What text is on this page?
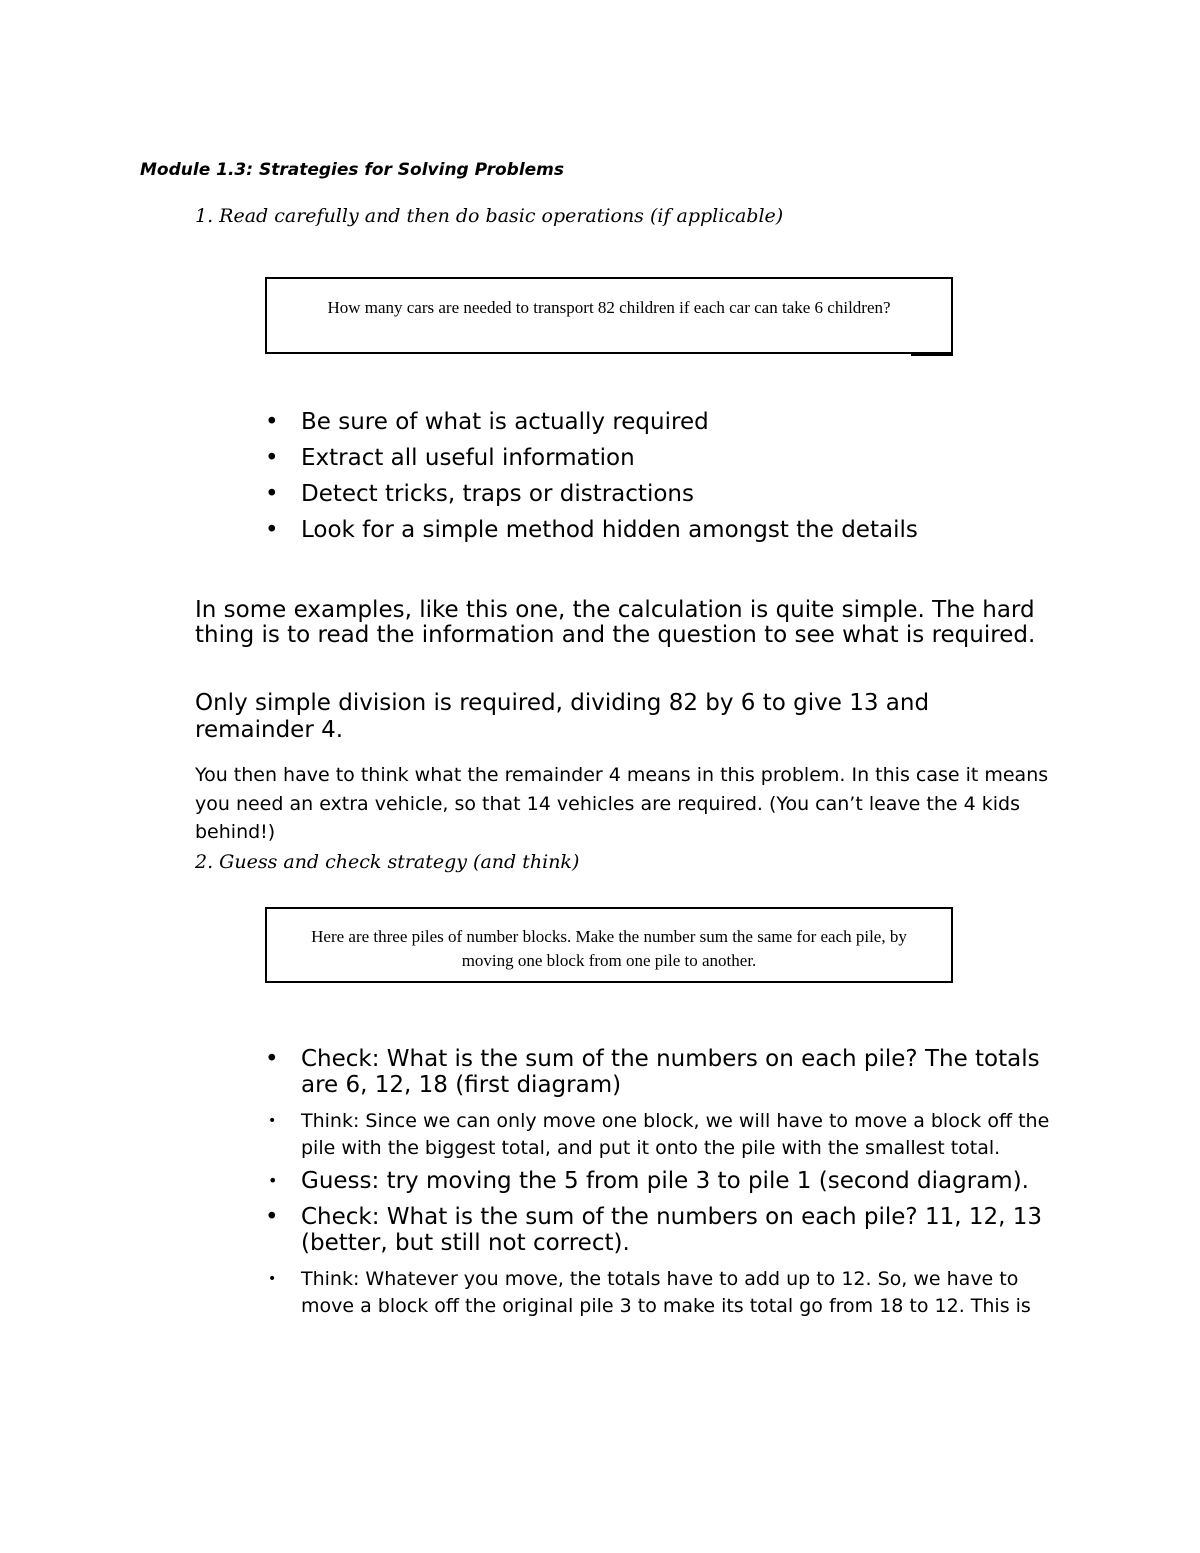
Module 1.3: Strategies for Solving Problems
1. Read carefully and then do basic operations (if applicable)
How many cars are needed to transport 82 children if each car can take 6 children?
• Be sure of what is actually required
• Extract all useful information
• Detect tricks, traps or distractions
• Look for a simple method hidden amongst the details
In some examples, like this one, the calculation is quite simple. The hard thing is to read the information and the question to see what is required.
Only simple division is required, dividing 82 by 6 to give 13 and remainder 4.
You then have to think what the remainder 4 means in this problem. In this case it means you need an extra vehicle, so that 14 vehicles are required. (You can’t leave the 4 kids behind!)
2. Guess and check strategy (and think)
Here are three piles of number blocks. Make the number sum the same for each pile, by moving one block from one pile to another.
• Check: What is the sum of the numbers on each pile? The totals are 6, 12, 18 (first diagram)
• Think: Since we can only move one block, we will have to move a block off the pile with the biggest total, and put it onto the pile with the smallest total.
• Guess: try moving the 5 from pile 3 to pile 1 (second diagram).
• Check: What is the sum of the numbers on each pile? 11, 12, 13 (better, but still not correct).
• Think: Whatever you move, the totals have to add up to 12. So, we have to move a block off the original pile 3 to make its total go from 18 to 12. This is
